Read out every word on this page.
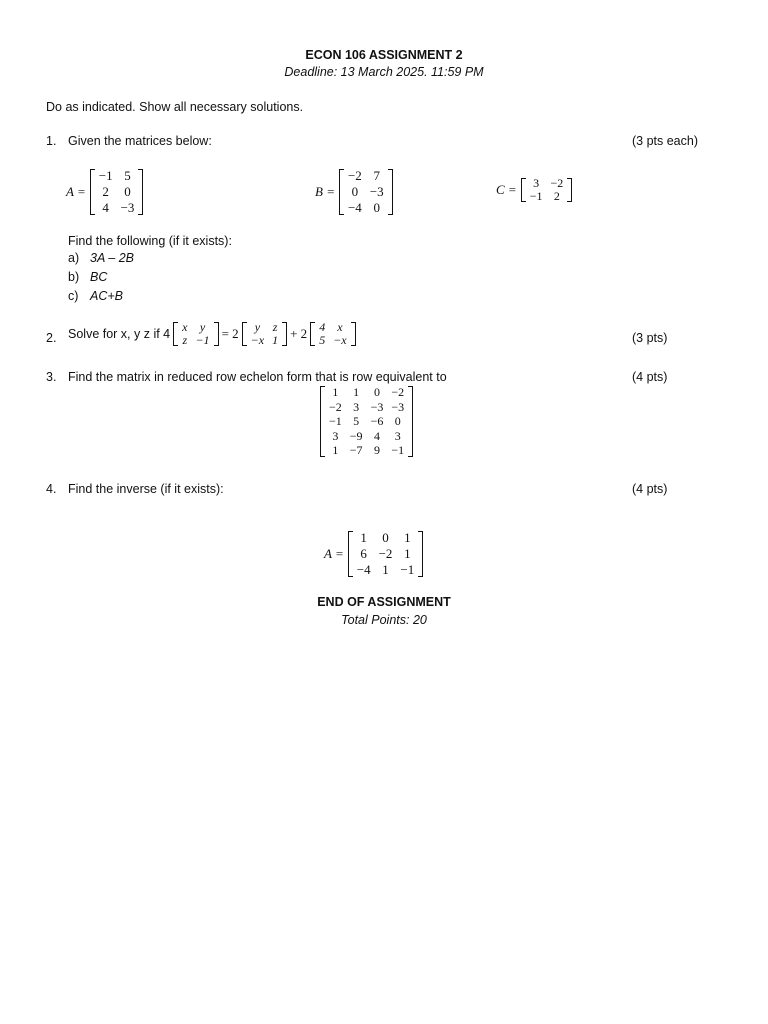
ECON 106 ASSIGNMENT 2
Deadline: 13 March 2025. 11:59 PM
Do as indicated. Show all necessary solutions.
1. Given the matrices below:	(3 pts each)
A =
−1 5
2	0
4 −3
B =
−2 7
0 −3
−4 0
C =	3 −2
−1 2
Find the following (if it exists):
a) 3A – 2B
b) BC
c) AC+B
2. Solve for x, y z if 4	x	y
z −1 = 2	y	z
−x 1 + 2	4	x
5 −x	(3 pts)
3. Find the matrix in reduced row echelon form that is row equivalent to	(4 pts)
1	1	0 −2
−2 3 −3 −3
−1 5 −6 0
3 −9 4	3
1 −7 9 −1
4. Find the inverse (if it exists):	(4 pts)
A =
1	0	1
6 −2 1
−4 1 −1
END OF ASSIGNMENT
Total Points: 20
